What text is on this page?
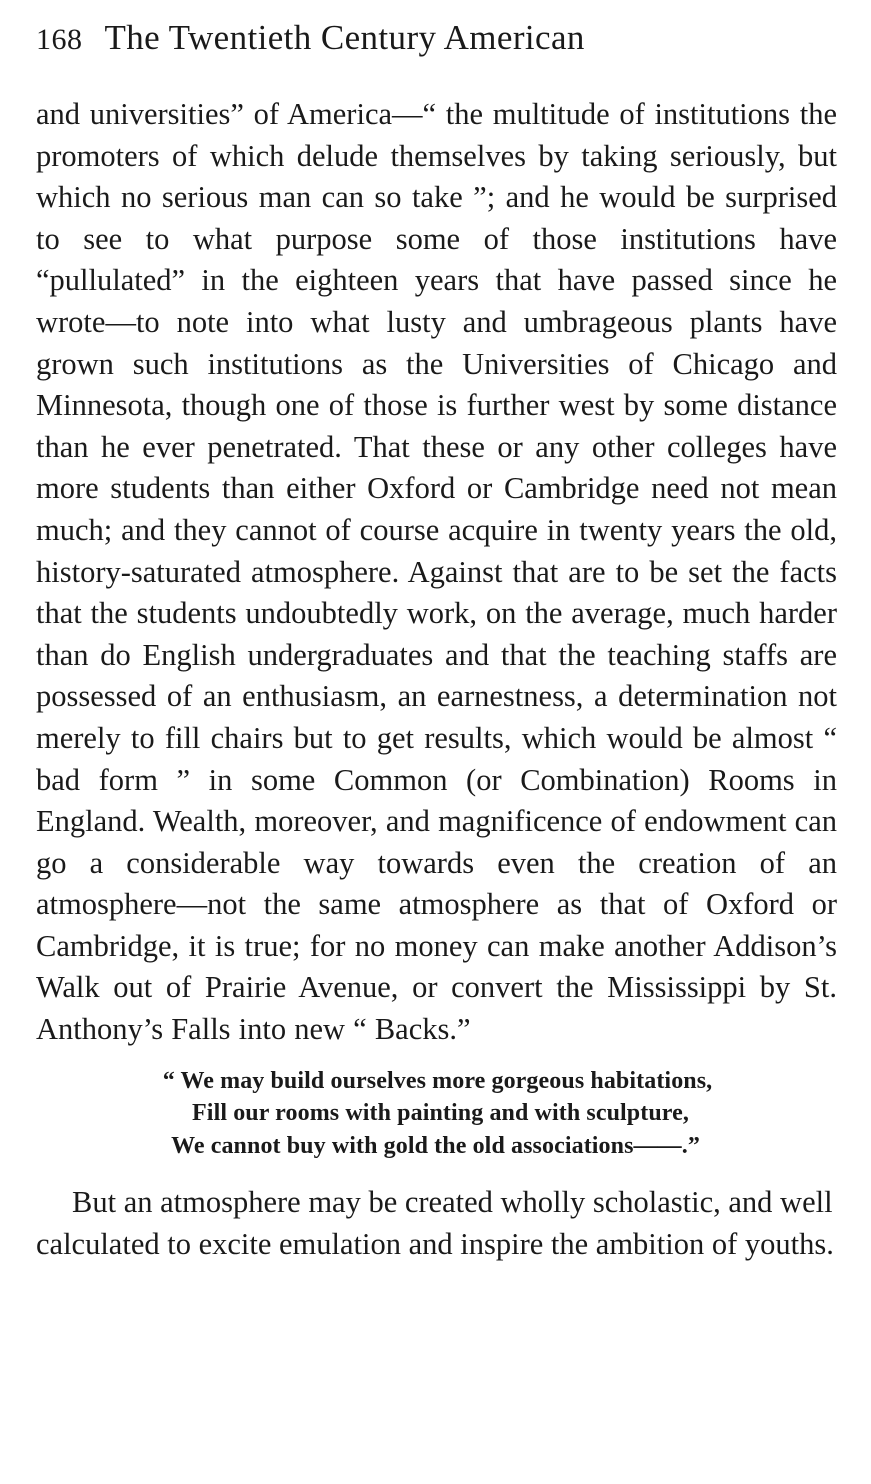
168 The Twentieth Century American

and universities” of America—“ the multitude of institutions the promoters of which delude themselves by taking seriously, but which no serious man can so take ”; and he would be surprised to see to what purpose some of those institutions have “pullulated” in the eighteen years that have passed since he wrote—to note into what lusty and umbrageous plants have grown such institutions as the Universities of Chicago and Minnesota, though one of those is further west by some distance than he ever penetrated. That these or any other colleges have more students than either Oxford or Cambridge need not mean much; and they cannot of course acquire in twenty years the old, history-saturated atmosphere. Against that are to be set the facts that the students undoubtedly work, on the average, much harder than do English undergraduates and that the teaching staffs are possessed of an enthusiasm, an earnestness, a determination not merely to fill chairs but to get results, which would be almost “ bad form ” in some Common (or Combination) Rooms in England. Wealth, moreover, and magnificence of endowment can go a considerable way towards even the creation of an atmosphere—not the same atmosphere as that of Oxford or Cambridge, it is true; for no money can make another Addison’s Walk out of Prairie Avenue, or convert the Mississippi by St. Anthony’s Falls into new “ Backs.”

“ We may build ourselves more gorgeous habitations,
Fill our rooms with painting and with sculpture,
We cannot buy with gold the old associations——.”

But an atmosphere may be created wholly scholastic, and well calculated to excite emulation and inspire the ambition of youths.
